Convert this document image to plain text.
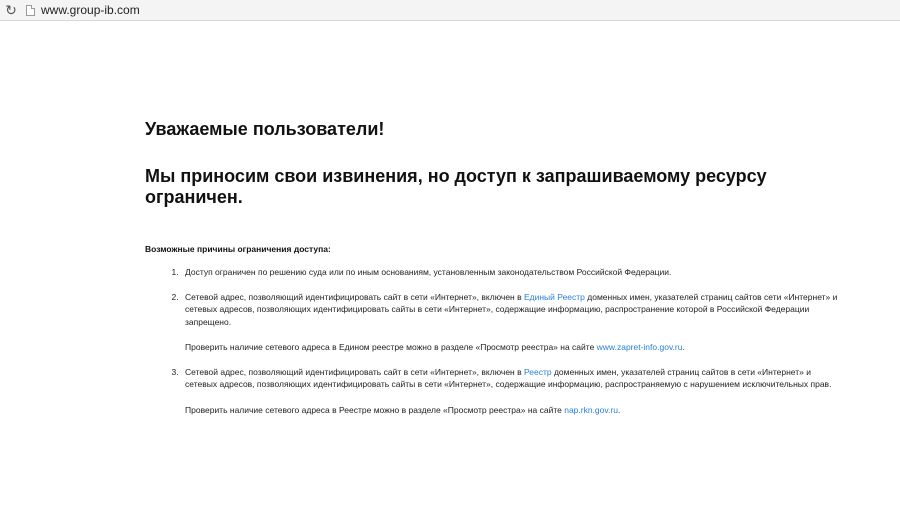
↻ www.group-ib.com
Уважаемые пользователи!
Мы приносим свои извинения, но доступ к запрашиваемому ресурсу ограничен.
Возможные причины ограничения доступа:

1. Доступ ограничен по решению суда или по иным основаниям, установленным законодательством Российской Федерации.

2. Сетевой адрес, позволяющий идентифицировать сайт в сети «Интернет», включен в Единый Реестр доменных имен, указателей страниц сайтов сети «Интернет» и сетевых адресов, позволяющих идентифицировать сайты в сети «Интернет», содержащие информацию, распространение которой в Российской Федерации запрещено.

Проверить наличие сетевого адреса в Едином реестре можно в разделе «Просмотр реестра» на сайте www.zapret-info.gov.ru.

3. Сетевой адрес, позволяющий идентифицировать сайт в сети «Интернет», включен в Реестр доменных имен, указателей страниц сайтов в сети «Интернет» и сетевых адресов, позволяющих идентифицировать сайты в сети «Интернет», содержащие информацию, распространяемую с нарушением исключительных прав.

Проверить наличие сетевого адреса в Реестре можно в разделе «Просмотр реестра» на сайте nap.rkn.gov.ru.
